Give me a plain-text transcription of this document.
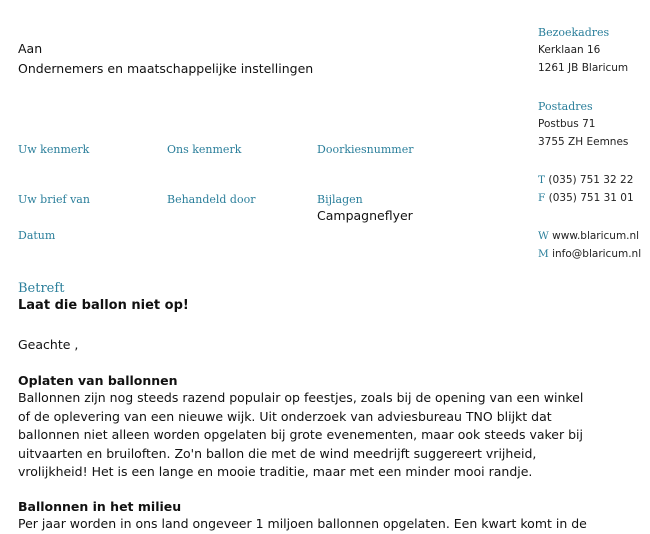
Aan
Ondernemers en maatschappelijke instellingen
Uw kenmerk	Ons kenmerk	Doorkiesnummer
Uw brief van	Behandeld door	Bijlagen
Campagneflyer
Datum
Bezoekadres
Kerklaan 16
1261 JB Blaricum
Postadres
Postbus 71
3755 ZH Eemnes
T (035) 751 32 22
F (035) 751 31 01
W www.blaricum.nl
M info@blaricum.nl
Betreft
Laat die ballon niet op!
Geachte ,
Oplaten van ballonnen
Ballonnen zijn nog steeds razend populair op feestjes, zoals bij de opening van een winkel
of de oplevering van een nieuwe wijk. Uit onderzoek van adviesbureau TNO blijkt dat
ballonnen niet alleen worden opgelaten bij grote evenementen, maar ook steeds vaker bij
uitvaarten en bruiloften. Zo'n ballon die met de wind meedrijft suggereert vrijheid,
vrolijkheid! Het is een lange en mooie traditie, maar met een minder mooi randje.
Ballonnen in het milieu
Per jaar worden in ons land ongeveer 1 miljoen ballonnen opgelaten. Een kwart komt in de
